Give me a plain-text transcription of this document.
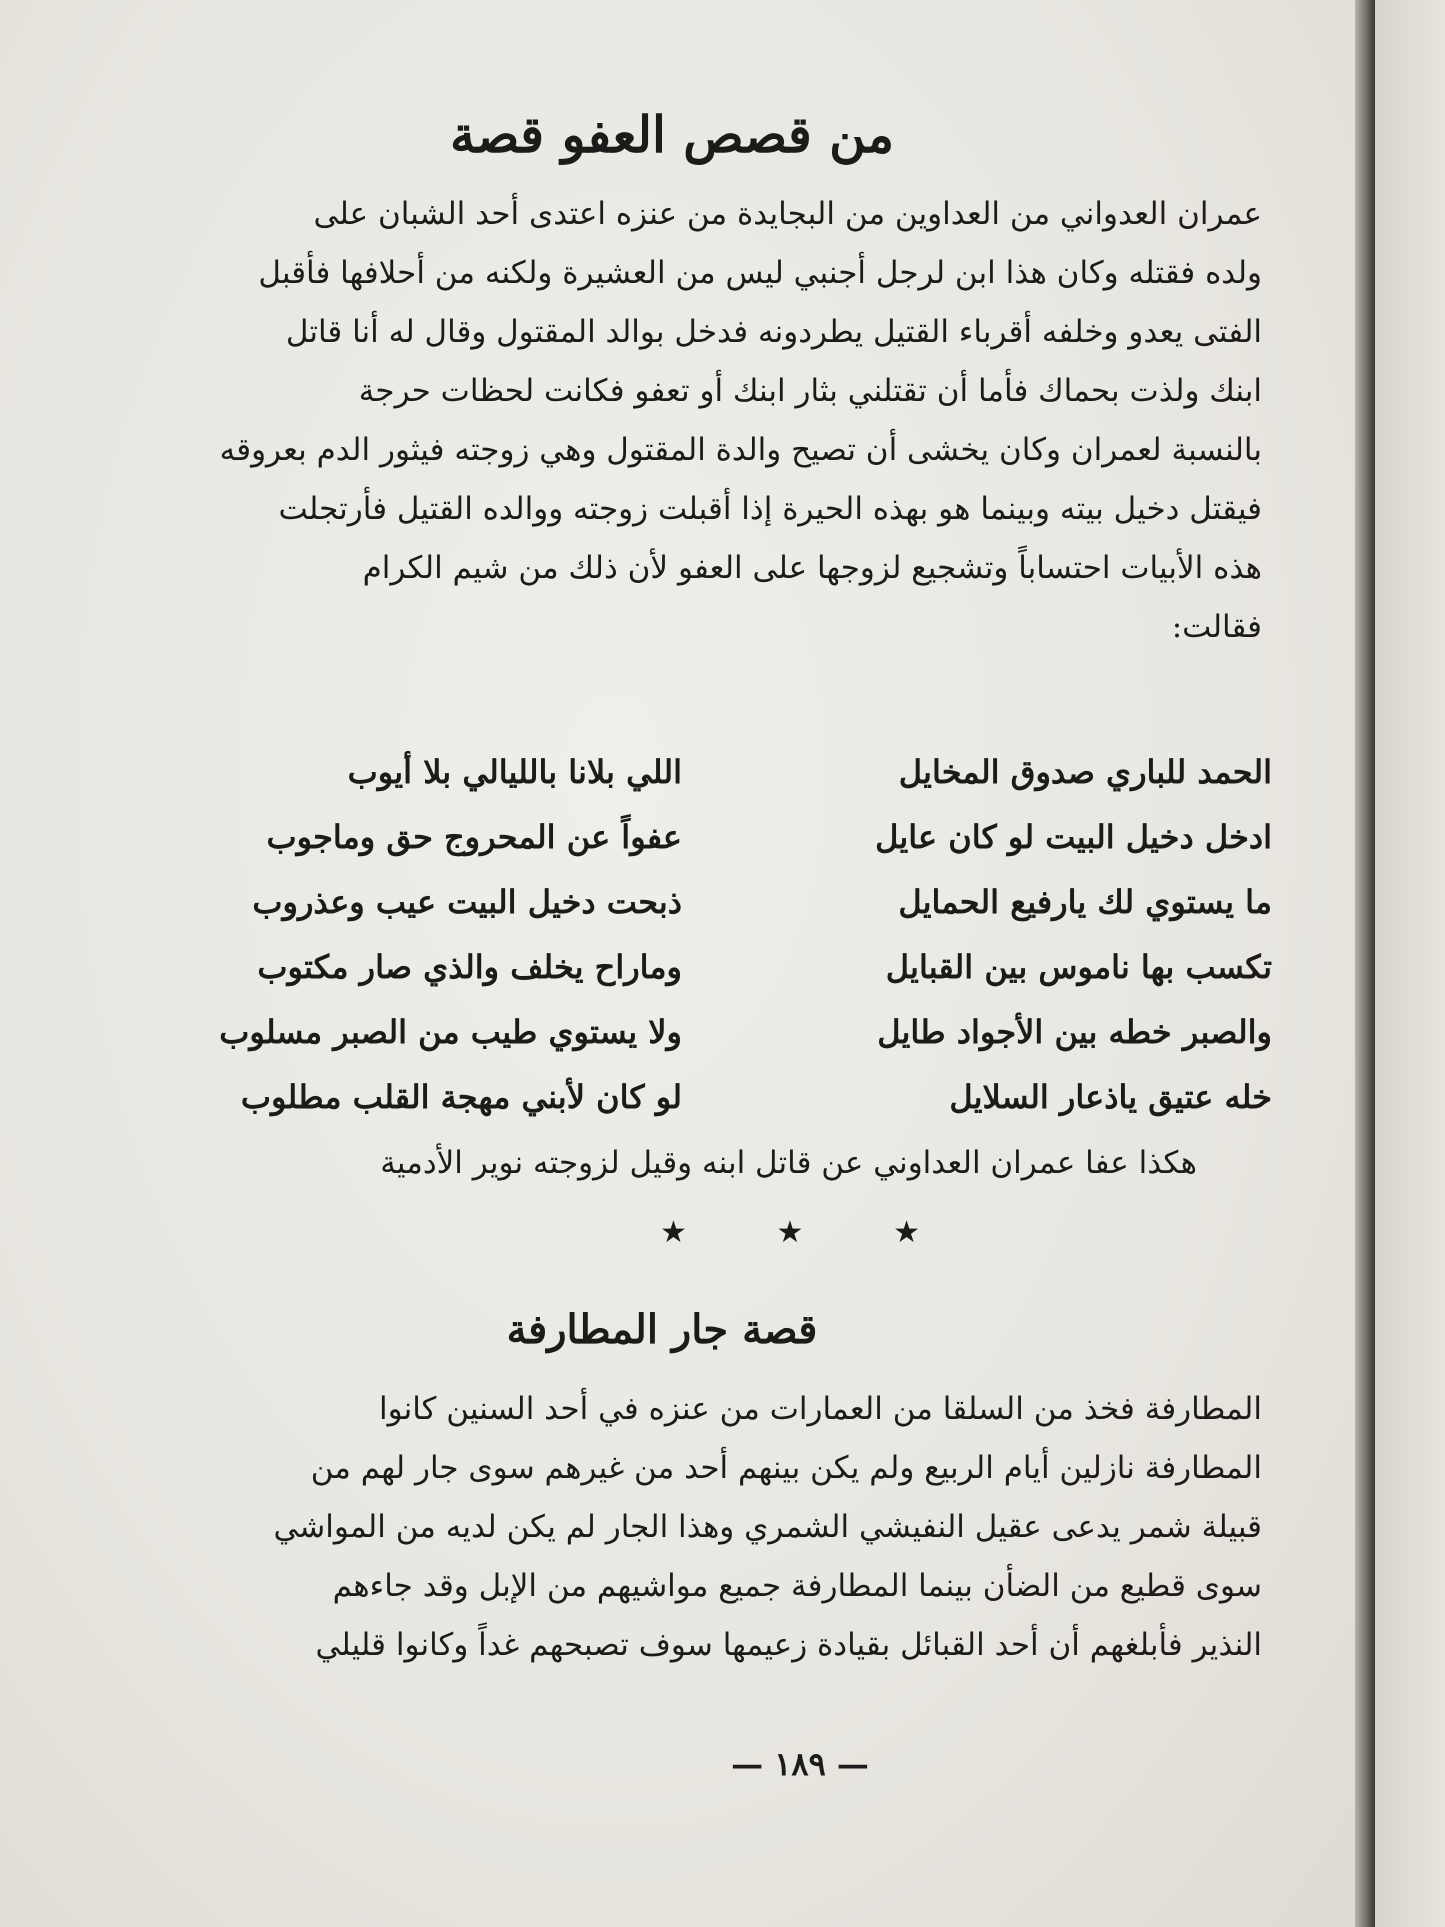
من قصص العفو قصة
عمران العدواني من العداوين من البجايدة من عنزه اعتدى أحد الشبان على
ولده فقتله وكان هذا ابن لرجل أجنبي ليس من العشيرة ولكنه من أحلافها فأقبل
الفتى يعدو وخلفه أقرباء القتيل يطردونه فدخل بوالد المقتول وقال له أنا قاتل
ابنك ولذت بحماك فأما أن تقتلني بثار ابنك أو تعفو فكانت لحظات حرجة
بالنسبة لعمران وكان يخشى أن تصيح والدة المقتول وهي زوجته فيثور الدم بعروقه
فيقتل دخيل بيته وبينما هو بهذه الحيرة إذا أقبلت زوجته ووالده القتيل فأرتجلت
هذه الأبيات احتساباً وتشجيع لزوجها على العفو لأن ذلك من شيم الكرام
فقالت:
الحمد للباري صدوق المخايل
اللي بلانا بالليالي بلا أيوب
ادخل دخيل البيت لو كان عايل
عفواً عن المحروج حق وماجوب
ما يستوي لك يارفيع الحمايل
ذبحت دخيل البيت عيب وعذروب
تكسب بها ناموس بين القبايل
وماراح يخلف والذي صار مكتوب
والصبر خطه بين الأجواد طايل
ولا يستوي طيب من الصبر مسلوب
خله عتيق ياذعار السلايل
لو كان لأبني مهجة القلب مطلوب
هكذا عفا عمران العداوني عن قاتل ابنه وقيل لزوجته نوير الأدمية
★	★	★
قصة جار المطارفة
المطارفة فخذ من السلقا من العمارات من عنزه في أحد السنين كانوا
المطارفة نازلين أيام الربيع ولم يكن بينهم أحد من غيرهم سوى جار لهم من
قبيلة شمر يدعى عقيل النفيشي الشمري وهذا الجار لم يكن لديه من المواشي
سوى قطيع من الضأن بينما المطارفة جميع مواشيهم من الإبل وقد جاءهم
النذير فأبلغهم أن أحد القبائل بقيادة زعيمها سوف تصبحهم غداً وكانوا قليلي
— ١٨٩ —
